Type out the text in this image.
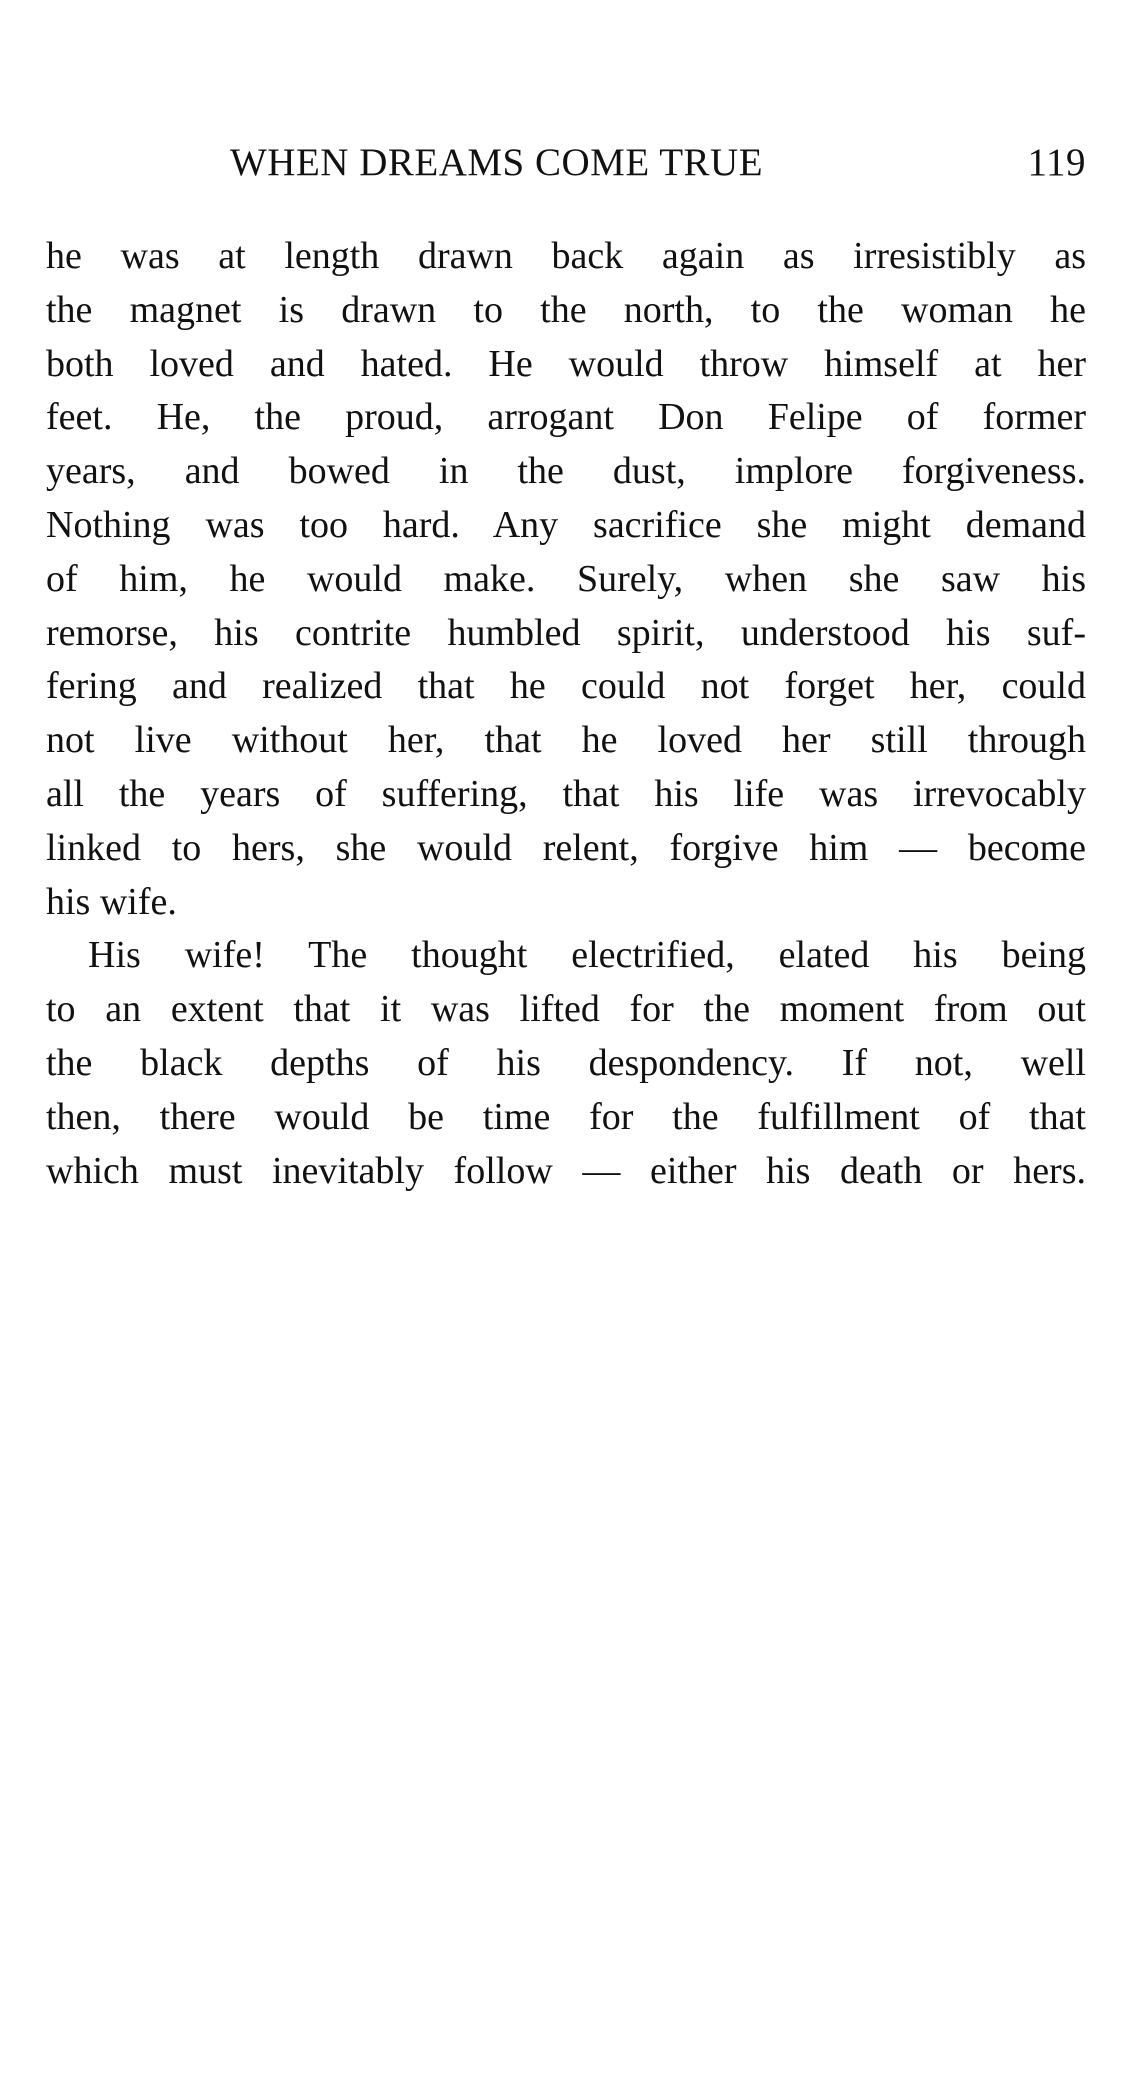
WHEN DREAMS COME TRUE	119
he was at length drawn back again as irresistibly as
the magnet is drawn to the north, to the woman he
both loved and hated. He would throw himself at her
feet. He, the proud, arrogant Don Felipe of former
years, and bowed in the dust, implore forgiveness.
Nothing was too hard. Any sacrifice she might demand
of him, he would make. Surely, when she saw his
remorse, his contrite humbled spirit, understood his suf-
fering and realized that he could not forget her, could
not live without her, that he loved her still through
all the years of suffering, that his life was irrevocably
linked to hers, she would relent, forgive him — become
his wife.
His wife! The thought electrified, elated his being
to an extent that it was lifted for the moment from out
the black depths of his despondency. If not, well
then, there would be time for the fulfillment of that
which must inevitably follow — either his death or hers.
